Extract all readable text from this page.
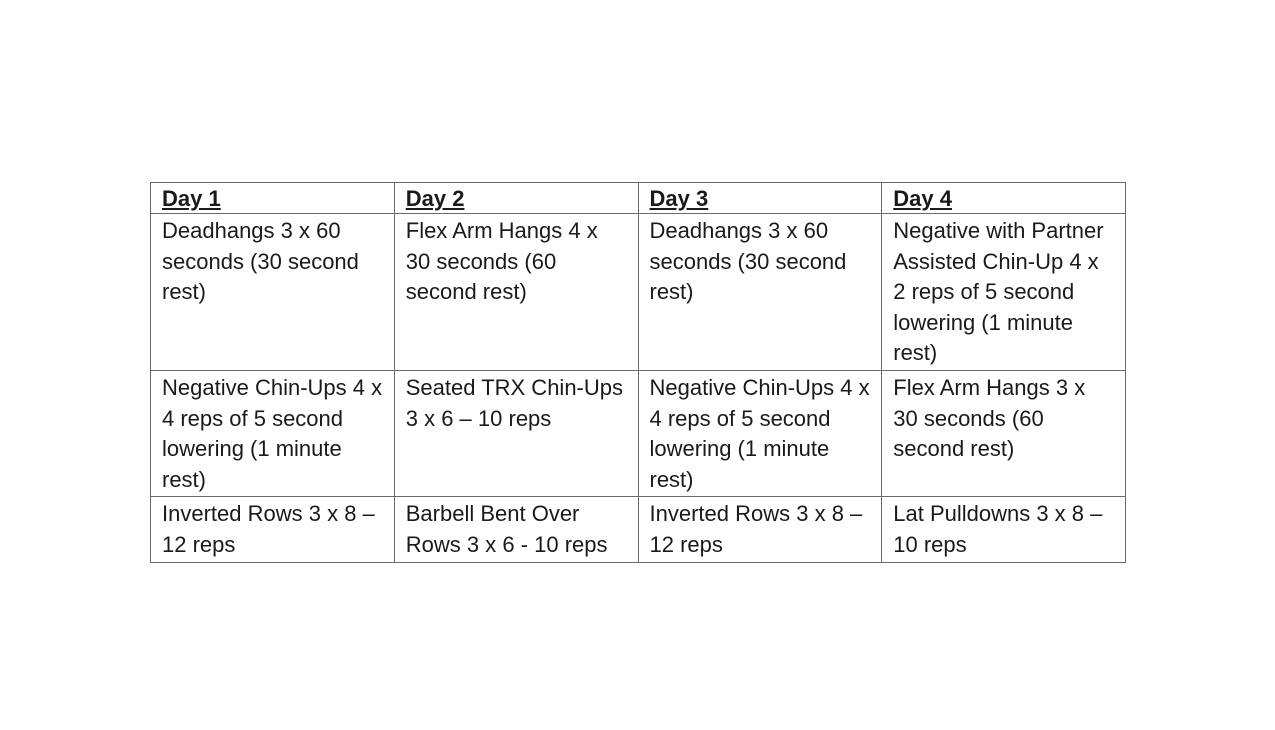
Day 1	Day 2	Day 3	Day 4
Deadhangs 3 x 60 seconds (30 second rest)	Flex Arm Hangs 4 x 30 seconds (60 second rest)	Deadhangs 3 x 60 seconds (30 second rest)	Negative with Partner Assisted Chin-Up 4 x 2 reps of 5 second lowering (1 minute rest)
Negative Chin-Ups 4 x 4 reps of 5 second lowering (1 minute rest)	Seated TRX Chin-Ups 3 x 6 – 10 reps	Negative Chin-Ups 4 x 4 reps of 5 second lowering (1 minute rest)	Flex Arm Hangs 3 x 30 seconds (60 second rest)
Inverted Rows 3 x 8 – 12 reps	Barbell Bent Over Rows 3 x 6 - 10 reps	Inverted Rows 3 x 8 – 12 reps	Lat Pulldowns 3 x 8 – 10 reps
